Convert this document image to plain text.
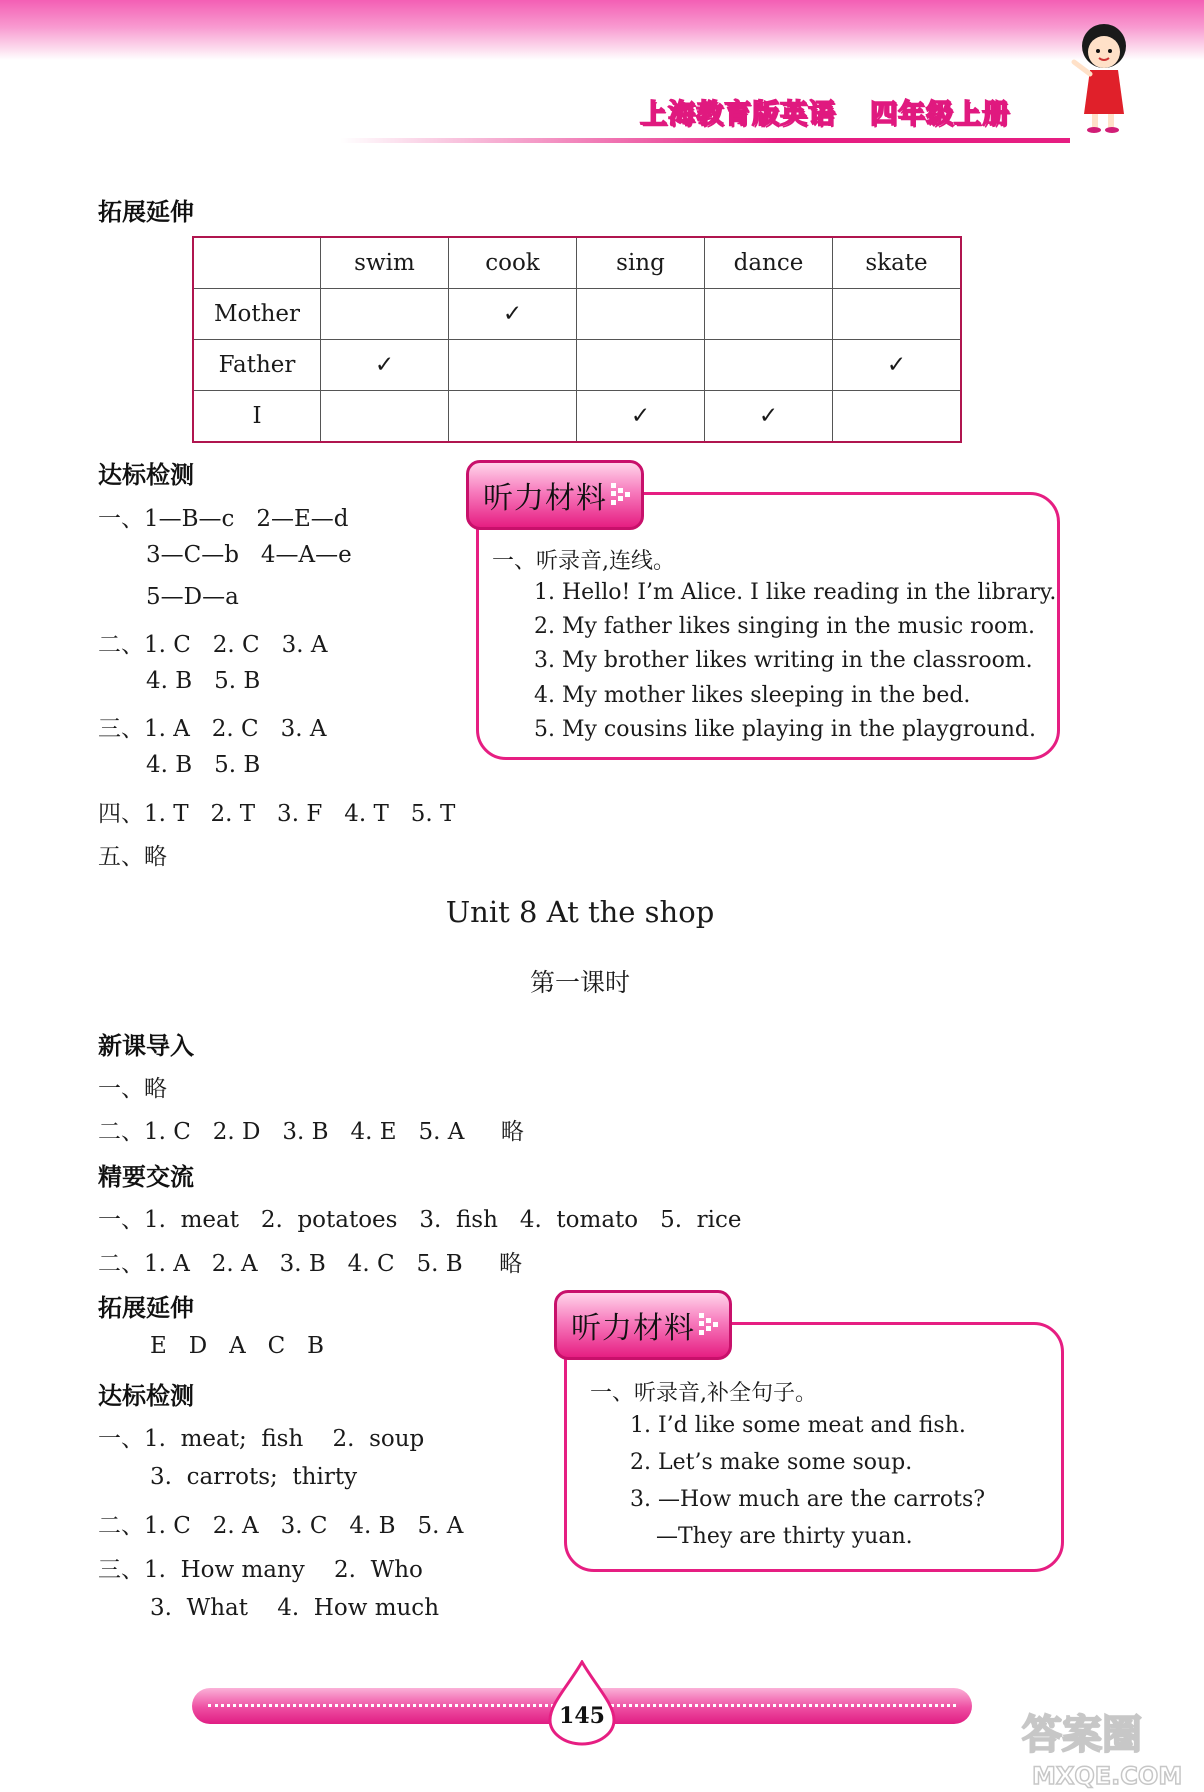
上海教育版英语 四年级上册
拓展延伸
	swim	cook	sing	dance	skate
Mother		✓			
Father	✓				✓
I			✓	✓	
达标检测
一、1—B—c   2—E—d
3—C—b   4—A—e
5—D—a
二、1. C   2. C   3. A
4. B   5. B
三、1. A   2. C   3. A
4. B   5. B
四、1. T   2. T   3. F   4. T   5. T
五、略
听力材料
一、听录音,连线。
1. Hello! I’m Alice. I like reading in the library.
2. My father likes singing in the music room.
3. My brother likes writing in the classroom.
4. My mother likes sleeping in the bed.
5. My cousins like playing in the playground.
Unit 8 At the shop
第一课时
新课导入
一、略
二、1. C   2. D   3. B   4. E   5. A     略
精要交流
一、1.  meat   2.  potatoes   3.  fish   4.  tomato   5.  rice
二、1. A   2. A   3. B   4. C   5. B     略
拓展延伸
E   D   A   C   B
达标检测
一、1.  meat;  fish    2.  soup
3.  carrots;  thirty
二、1. C   2. A   3. C   4. B   5. A
三、1.  How many    2.  Who
3.  What    4.  How much
听力材料
一、听录音,补全句子。
1. I’d like some meat and fish.
2. Let’s make some soup.
3. —How much are the carrots?
—They are thirty yuan.
145	答案圈
MXQE.COM
